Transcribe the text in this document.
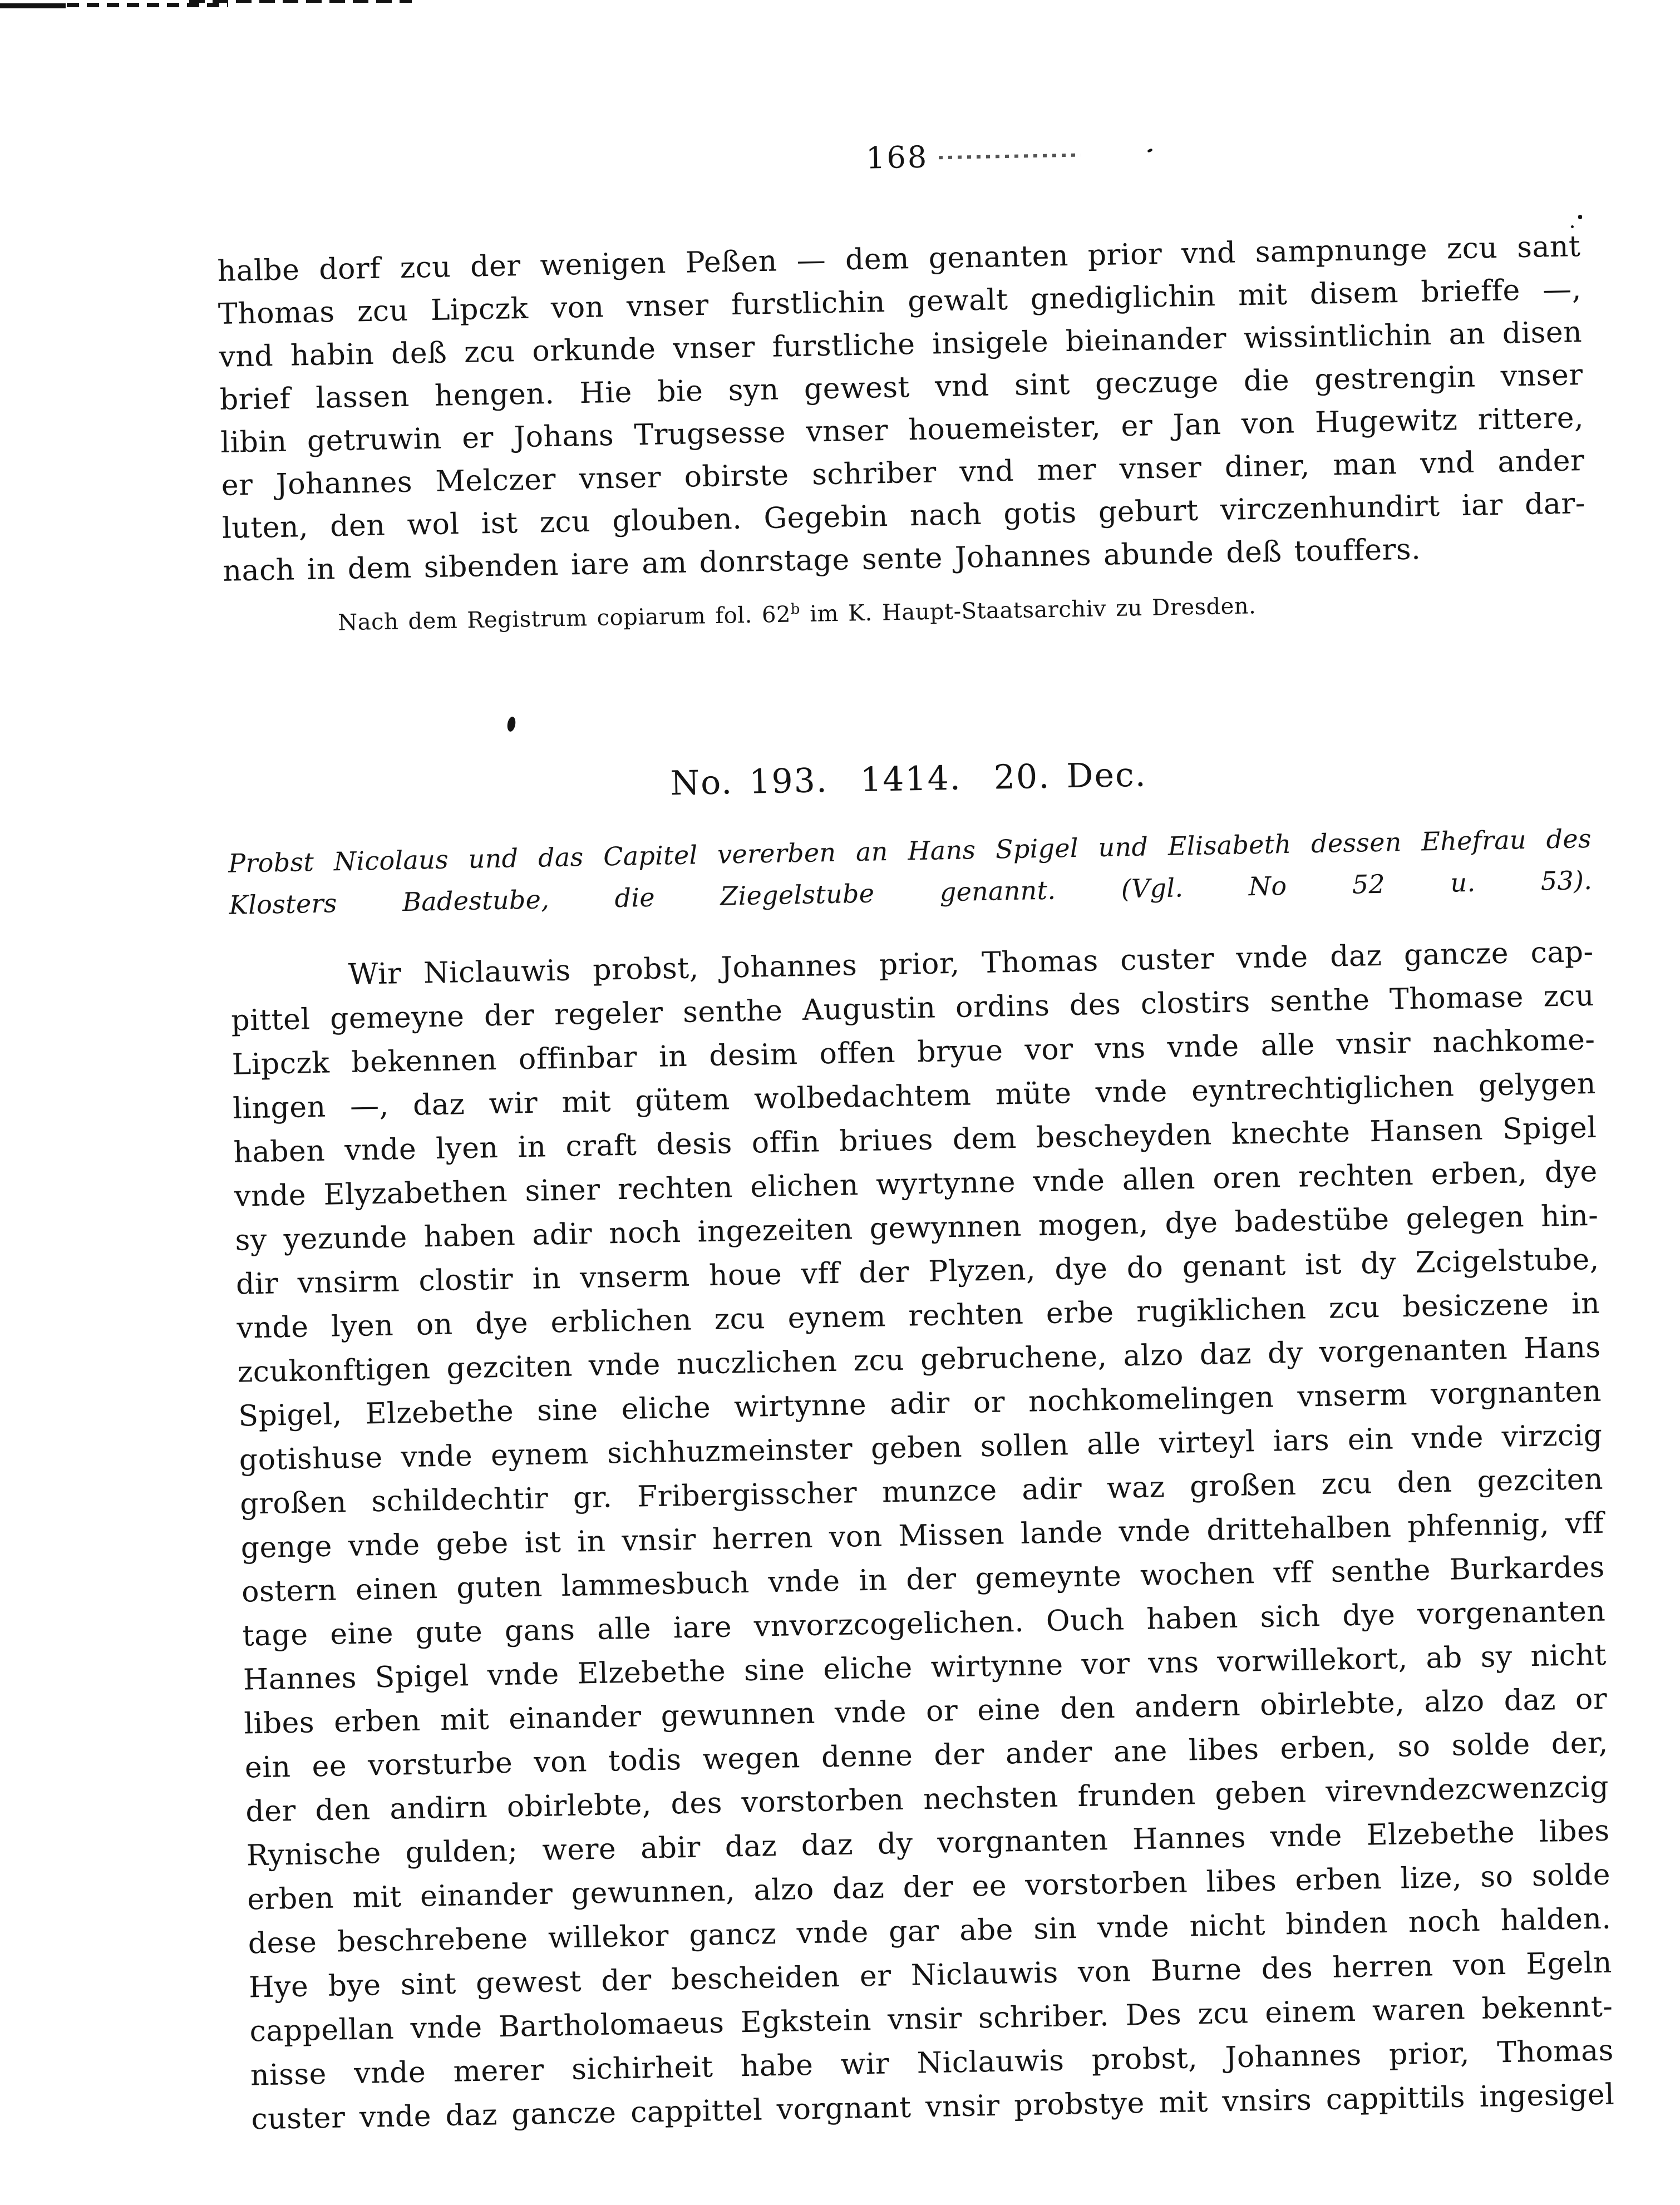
168
halbe dorf zcu der wenigen Peßen — dem genanten prior vnd sampnunge zcu sant
Thomas zcu Lipczk von vnser furstlichin gewalt gnediglichin mit disem brieffe —,
vnd habin deß zcu orkunde vnser furstliche insigele bieinander wissintlichin an disen
brief lassen hengen. Hie bie syn gewest vnd sint geczuge die gestrengin vnser
libin getruwin er Johans Trugsesse vnser houemeister, er Jan von Hugewitz rittere,
er Johannes Melczer vnser obirste schriber vnd mer vnser diner, man vnd ander
luten, den wol ist zcu glouben. Gegebin nach gotis geburt virczenhundirt iar dar-
nach in dem sibenden iare am donrstage sente Johannes abunde deß touffers.
Nach dem Registrum copiarum fol. 62$^b$ im K. Haupt-Staatsarchiv zu Dresden.
No. 193.  1414.  20. Dec.
Probst Nicolaus und das Capitel vererben an Hans Spigel und Elisabeth dessen Ehefrau des
Klosters Badestube, die Ziegelstube genannt. (Vgl. No 52 u. 53).
Wir Niclauwis probst, Johannes prior, Thomas custer vnde daz gancze cap-
pittel gemeyne der regeler senthe Augustin ordins des clostirs senthe Thomase zcu
Lipczk bekennen offinbar in desim offen bryue vor vns vnde alle vnsir nachkome-
lingen —, daz wir mit gütem wolbedachtem müte vnde eyntrechtiglichen gelygen
haben vnde lyen in craft desis offin briues dem bescheyden knechte Hansen Spigel
vnde Elyzabethen siner rechten elichen wyrtynne vnde allen oren rechten erben, dye
sy yezunde haben adir noch ingezeiten gewynnen mogen, dye badestübe gelegen hin-
dir vnsirm clostir in vnserm houe vff der Plyzen, dye do genant ist dy Zcigelstube,
vnde lyen on dye erblichen zcu eynem rechten erbe rugiklichen zcu besiczene in
zcukonftigen gezciten vnde nuczlichen zcu gebruchene, alzo daz dy vorgenanten Hans
Spigel, Elzebethe sine eliche wirtynne adir or nochkomelingen vnserm vorgnanten
gotishuse vnde eynem sichhuzmeinster geben sollen alle virteyl iars ein vnde virzcig
großen schildechtir gr. Fribergisscher munzce adir waz großen zcu den gezciten
genge vnde gebe ist in vnsir herren von Missen lande vnde drittehalben phfennig, vff
ostern einen guten lammesbuch vnde in der gemeynte wochen vff senthe Burkardes
tage eine gute gans alle iare vnvorzcogelichen. Ouch haben sich dye vorgenanten
Hannes Spigel vnde Elzebethe sine eliche wirtynne vor vns vorwillekort, ab sy nicht
libes erben mit einander gewunnen vnde or eine den andern obirlebte, alzo daz or
ein ee vorsturbe von todis wegen denne der ander ane libes erben, so solde der,
der den andirn obirlebte, des vorstorben nechsten frunden geben virevndezcwenzcig
Rynische gulden; were abir daz daz dy vorgnanten Hannes vnde Elzebethe libes
erben mit einander gewunnen, alzo daz der ee vorstorben libes erben lize, so solde
dese beschrebene willekor gancz vnde gar abe sin vnde nicht binden noch halden.
Hye bye sint gewest der bescheiden er Niclauwis von Burne des herren von Egeln
cappellan vnde Bartholomaeus Egkstein vnsir schriber. Des zcu einem waren bekennt-
nisse vnde merer sichirheit habe wir Niclauwis probst, Johannes prior, Thomas
custer vnde daz gancze cappittel vorgnant vnsir probstye mit vnsirs cappittils ingesigel
